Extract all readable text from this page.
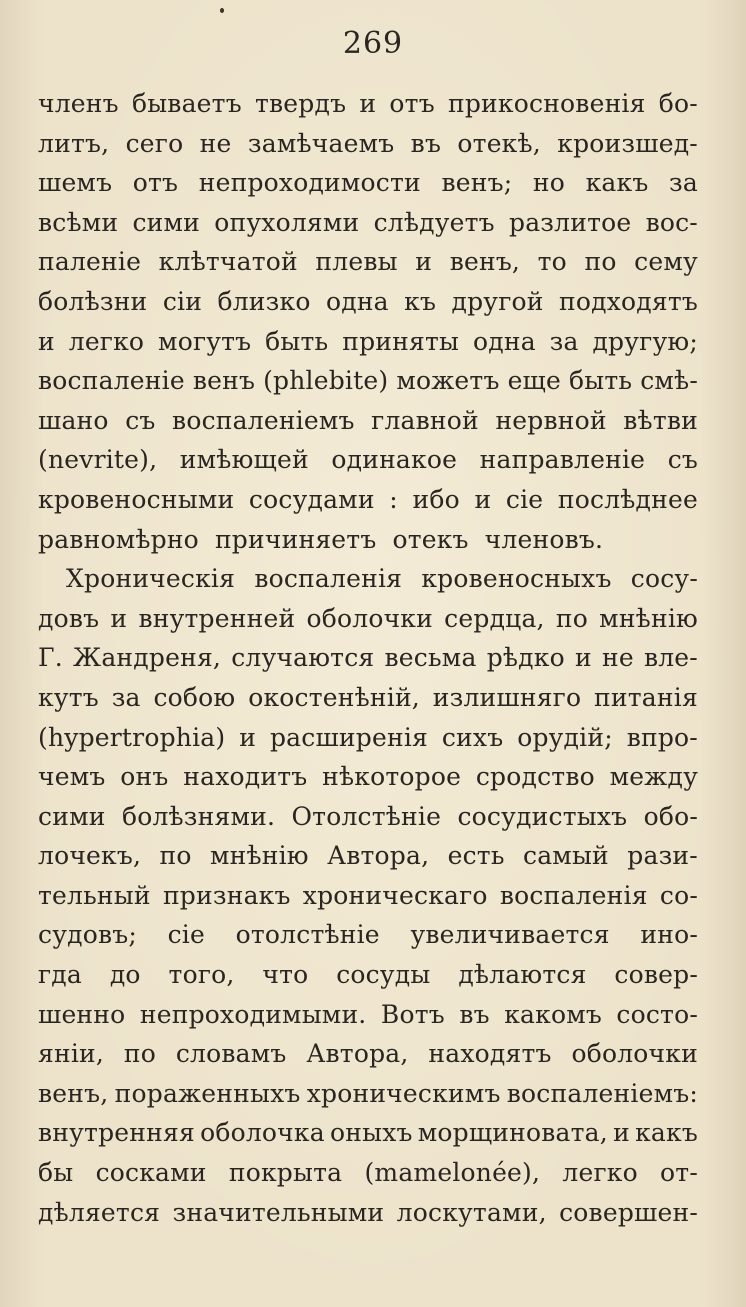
269
членъ бываетъ твердъ и отъ прикосновенія бо-
литъ, сего не замѣчаемъ въ отекѣ, кроизшед-
шемъ отъ непроходимости венъ; но какъ за
всѣми сими опухолями слѣдуетъ разлитое вос-
паленіе клѣтчатой плевы и венъ, то по сему
болѣзни сіи близко одна къ другой подходятъ
и легко могутъ быть приняты одна за другую;
воспаленіе венъ (phlebite) можетъ еще быть смѣ-
шано съ воспаленіемъ главной нервной вѣтви
(nevrite), имѣющей одинакое направленіе съ
кровеносными сосудами : ибо и сіе послѣднее
равномѣрно причиняетъ отекъ членовъ.
Хроническія воспаленія кровеносныхъ сосу-
довъ и внутренней оболочки сердца, по мнѣнію
Г. Жандреня, случаются весьма рѣдко и не вле-
кутъ за собою окостенѣній, излишняго питанія
(hypertrophia) и расширенія сихъ орудій; впро-
чемъ онъ находитъ нѣкоторое сродство между
сими болѣзнями. Отолстѣніе сосудистыхъ обо-
лочекъ, по мнѣнію Автора, есть самый рази-
тельный признакъ хроническаго воспаленія со-
судовъ; сіе отолстѣніе увеличивается ино-
гда до того, что сосуды дѣлаются совер-
шенно непроходимыми. Вотъ въ какомъ состо-
яніи, по словамъ Автора, находятъ оболочки
венъ, пораженныхъ хроническимъ воспаленіемъ:
внутренняя оболочка оныхъ морщиновата, и какъ
бы сосками покрыта (mamelonée), легко от-
дѣляется значительными лоскутами, совершен-
